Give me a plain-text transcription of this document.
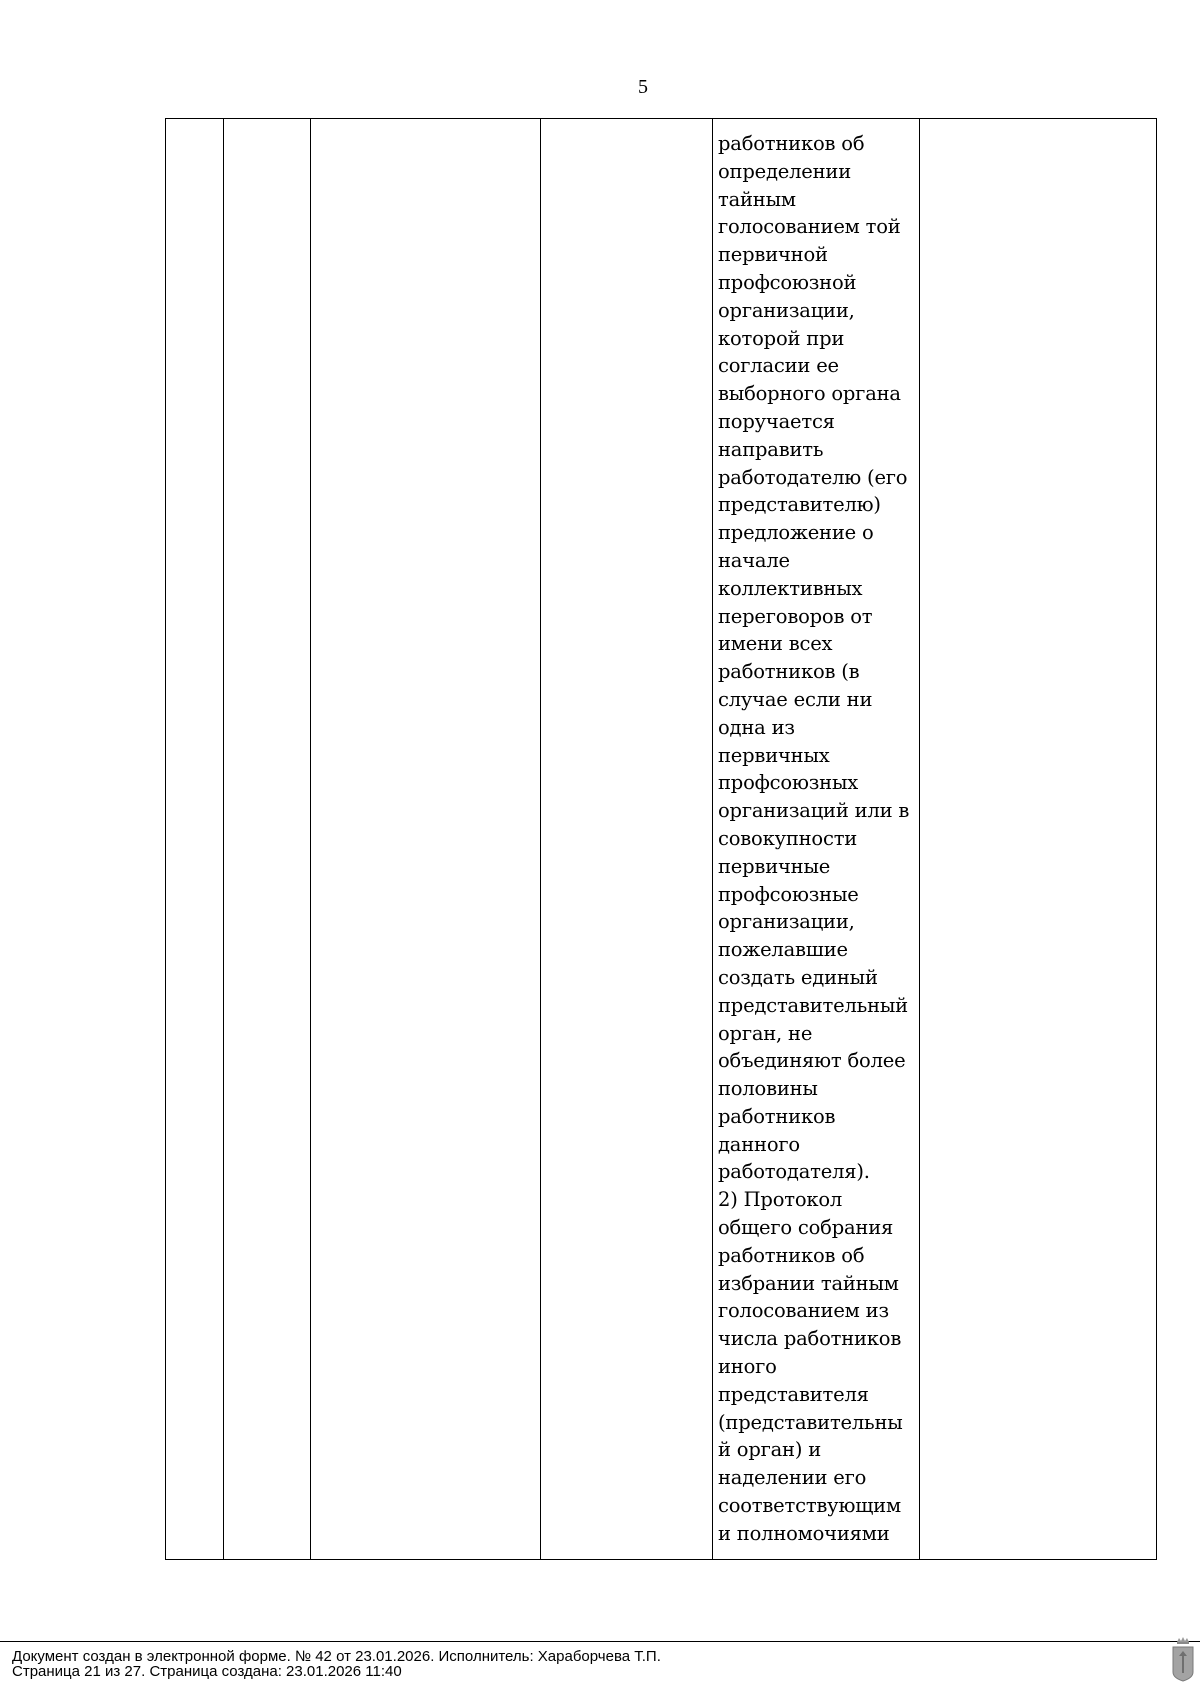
5

работников об
определении
тайным
голосованием той
первичной
профсоюзной
организации,
которой при
согласии ее
выборного органа
поручается
направить
работодателю (его
представителю)
предложение о
начале
коллективных
переговоров от
имени всех
работников (в
случае если ни
одна из
первичных
профсоюзных
организаций или в
совокупности
первичные
профсоюзные
организации,
пожелавшие
создать единый
представительный
орган, не
объединяют более
половины
работников
данного
работодателя).
2) Протокол
общего собрания
работников об
избрании тайным
голосованием из
числа работников
иного
представителя
(представительны
й орган) и
наделении его
соответствующим
и полномочиями

Документ создан в электронной форме. № 42 от 23.01.2026. Исполнитель: Хараборчева Т.П.
Страница 21 из 27. Страница создана: 23.01.2026 11:40
